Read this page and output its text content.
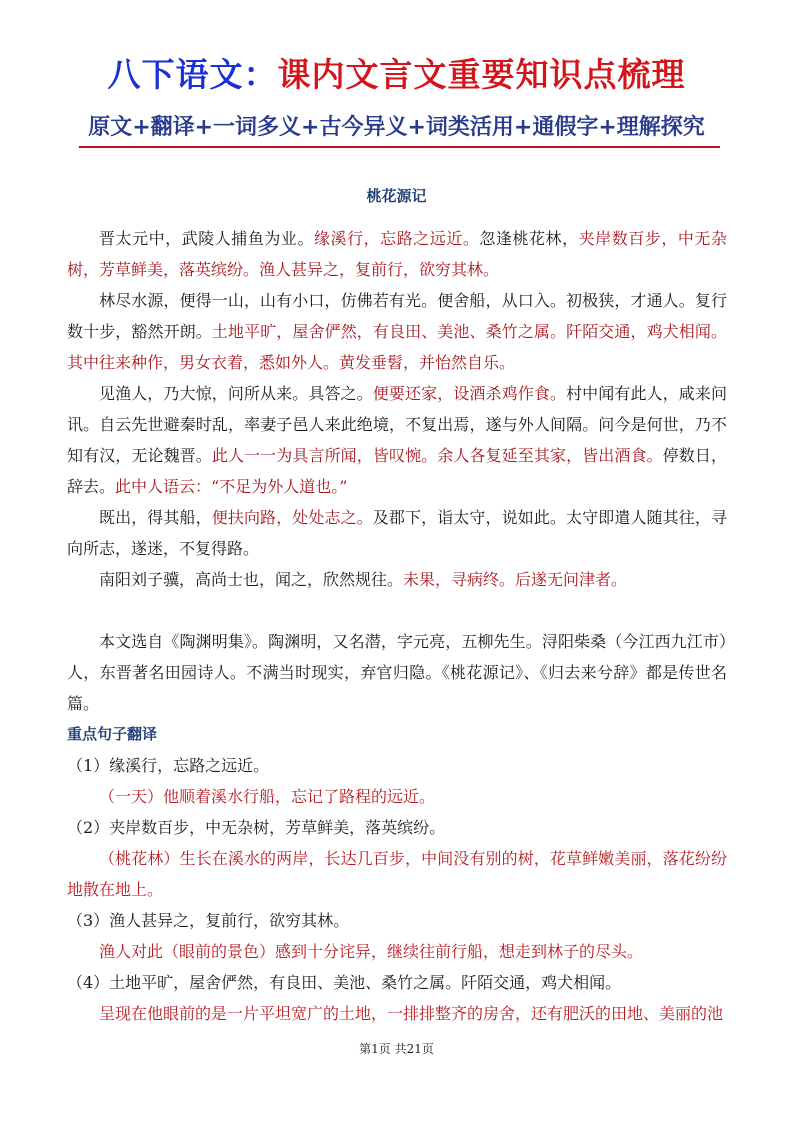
八下语文：课内文言文重要知识点梳理
原文+翻译+一词多义+古今异义+词类活用+通假字+理解探究
桃花源记

晋太元中，武陵人捕鱼为业。缘溪行，忘路之远近。忽逢桃花林，夹岸数百步，中无杂树，芳草鲜美，落英缤纷。渔人甚异之，复前行，欲穷其林。

林尽水源，便得一山，山有小口，仿佛若有光。便舍船，从口入。初极狭，才通人。复行数十步，豁然开朗。土地平旷，屋舍俨然，有良田、美池、桑竹之属。阡陌交通，鸡犬相闻。其中往来种作，男女衣着，悉如外人。黄发垂髫，并怡然自乐。

见渔人，乃大惊，问所从来。具答之。便要还家，设酒杀鸡作食。村中闻有此人，咸来问讯。自云先世避秦时乱，率妻子邑人来此绝境，不复出焉，遂与外人间隔。问今是何世，乃不知有汉，无论魏晋。此人一一为具言所闻，皆叹惋。余人各复延至其家，皆出酒食。停数日，辞去。此中人语云：“不足为外人道也。”

既出，得其船，便扶向路，处处志之。及郡下，诣太守，说如此。太守即遣人随其往，寻向所志，遂迷，不复得路。

南阳刘子骥，高尚士也，闻之，欣然规往。未果，寻病终。后遂无问津者。

本文选自《陶渊明集》。陶渊明，又名潜，字元亮，五柳先生。浔阳柴桑（今江西九江市）人，东晋著名田园诗人。不满当时现实，弃官归隐。《桃花源记》、《归去来兮辞》都是传世名篇。

重点句子翻译

（1）缘溪行，忘路之远近。

（一天）他顺着溪水行船，忘记了路程的远近。

（2）夹岸数百步，中无杂树，芳草鲜美，落英缤纷。

（桃花林）生长在溪水的两岸，长达几百步，中间没有别的树，花草鲜嫩美丽，落花纷纷地散在地上。

（3）渔人甚异之，复前行，欲穷其林。

渔人对此（眼前的景色）感到十分诧异，继续往前行船，想走到林子的尽头。

（4）土地平旷，屋舍俨然，有良田、美池、桑竹之属。阡陌交通，鸡犬相闻。

呈现在他眼前的是一片平坦宽广的土地，一排排整齐的房舍，还有肥沃的田地、美丽的池

第1页 共21页
